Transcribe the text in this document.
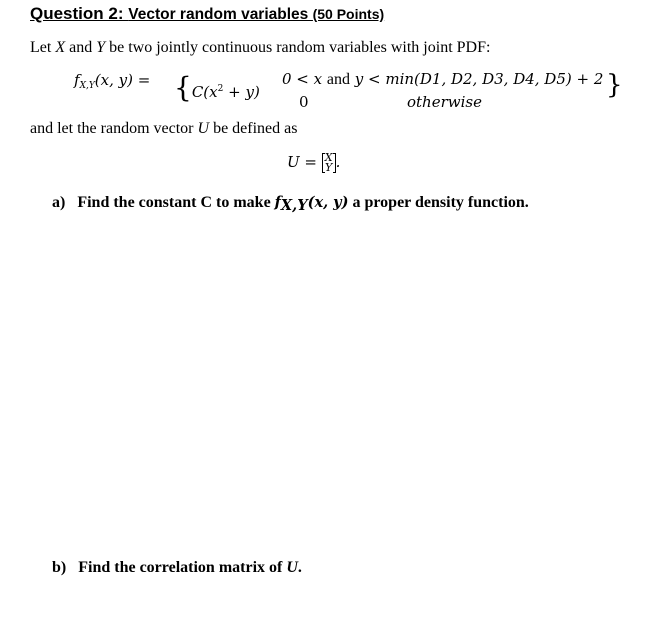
Question 2: Vector random variables (50 Points)
Let X and Y be two jointly continuous random variables with joint PDF:
$f_{X,Y}(x$, $y) = \{C(x^2 + y)$
0
0 < x and y < min(D1, D2, D3, D4, D5) + 2 }
otherwise
and let the random vector U be defined as
U = X
Y .
a) Find the constant C to make fX,Y(x, y) a proper density function.
b) Find the correlation matrix of U.
